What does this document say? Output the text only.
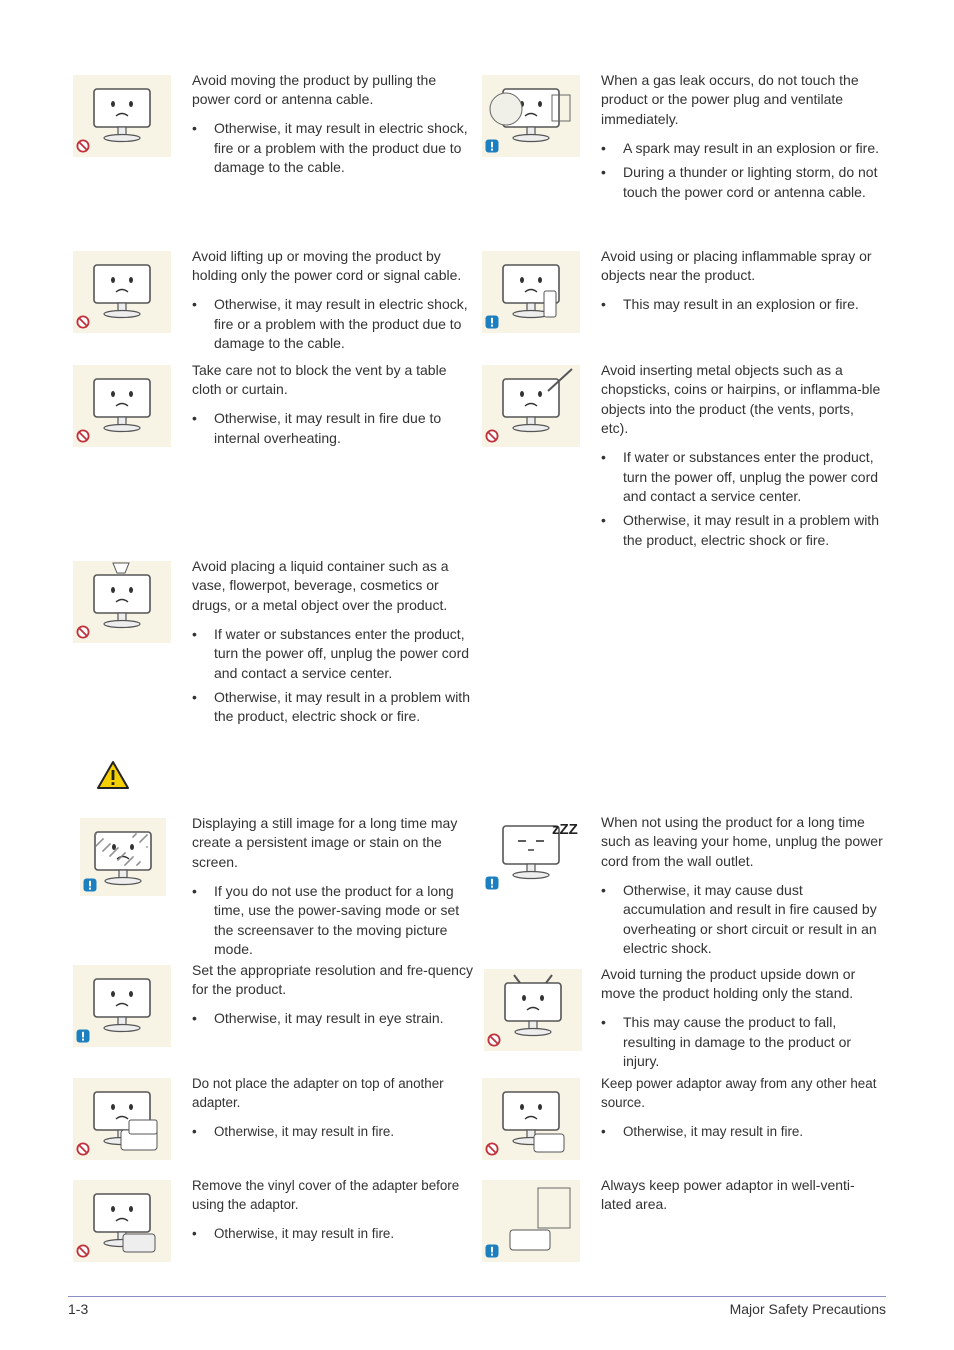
Avoid moving the product by pulling the power cord or antenna cable.

• Otherwise, it may result in electric shock, fire or a problem with the product due to damage to the cable.

When a gas leak occurs, do not touch the product or the power plug and ventilate immediately.

• A spark may result in an explosion or fire.
• During a thunder or lighting storm, do not touch the power cord or antenna cable.

Avoid lifting up or moving the product by holding only the power cord or signal cable.

• Otherwise, it may result in electric shock, fire or a problem with the product due to damage to the cable.

Avoid using or placing inflammable spray or objects near the product.

• This may result in an explosion or fire.

Take care not to block the vent by a table cloth or curtain.

• Otherwise, it may result in fire due to internal overheating.

Avoid inserting metal objects such as a chopsticks, coins or hairpins, or inflamma-ble objects into the product (the vents, ports, etc).

• If water or substances enter the product, turn the power off, unplug the power cord and contact a service center.
• Otherwise, it may result in a problem with the product, electric shock or fire.

Avoid placing a liquid container such as a vase, flowerpot, beverage, cosmetics or drugs, or a metal object over the product.

• If water or substances enter the product, turn the power off, unplug the power cord and contact a service center.
• Otherwise, it may result in a problem with the product, electric shock or fire.

Displaying a still image for a long time may create a persistent image or stain on the screen.

• If you do not use the product for a long time, use the power-saving mode or set the screensaver to the moving picture mode.
zZZ When not using the product for a long time such as leaving your home, unplug the power cord from the wall outlet.

• Otherwise, it may cause dust accumulation and result in fire caused by overheating or short circuit or result in an electric shock.

Set the appropriate resolution and fre-quency for the product.

• Otherwise, it may result in eye strain.

Avoid turning the product upside down or move the product holding only the stand.

• This may cause the product to fall, resulting in damage to the product or injury.

Do not place the adapter on top of another adapter.

• Otherwise, it may result in fire.

Keep power adaptor away from any other heat source.

• Otherwise, it may result in fire.

Remove the vinyl cover of the adapter before using the adaptor.

• Otherwise, it may result in fire.

Always keep power adaptor in well-venti-lated area.

1-3	Major Safety Precautions
